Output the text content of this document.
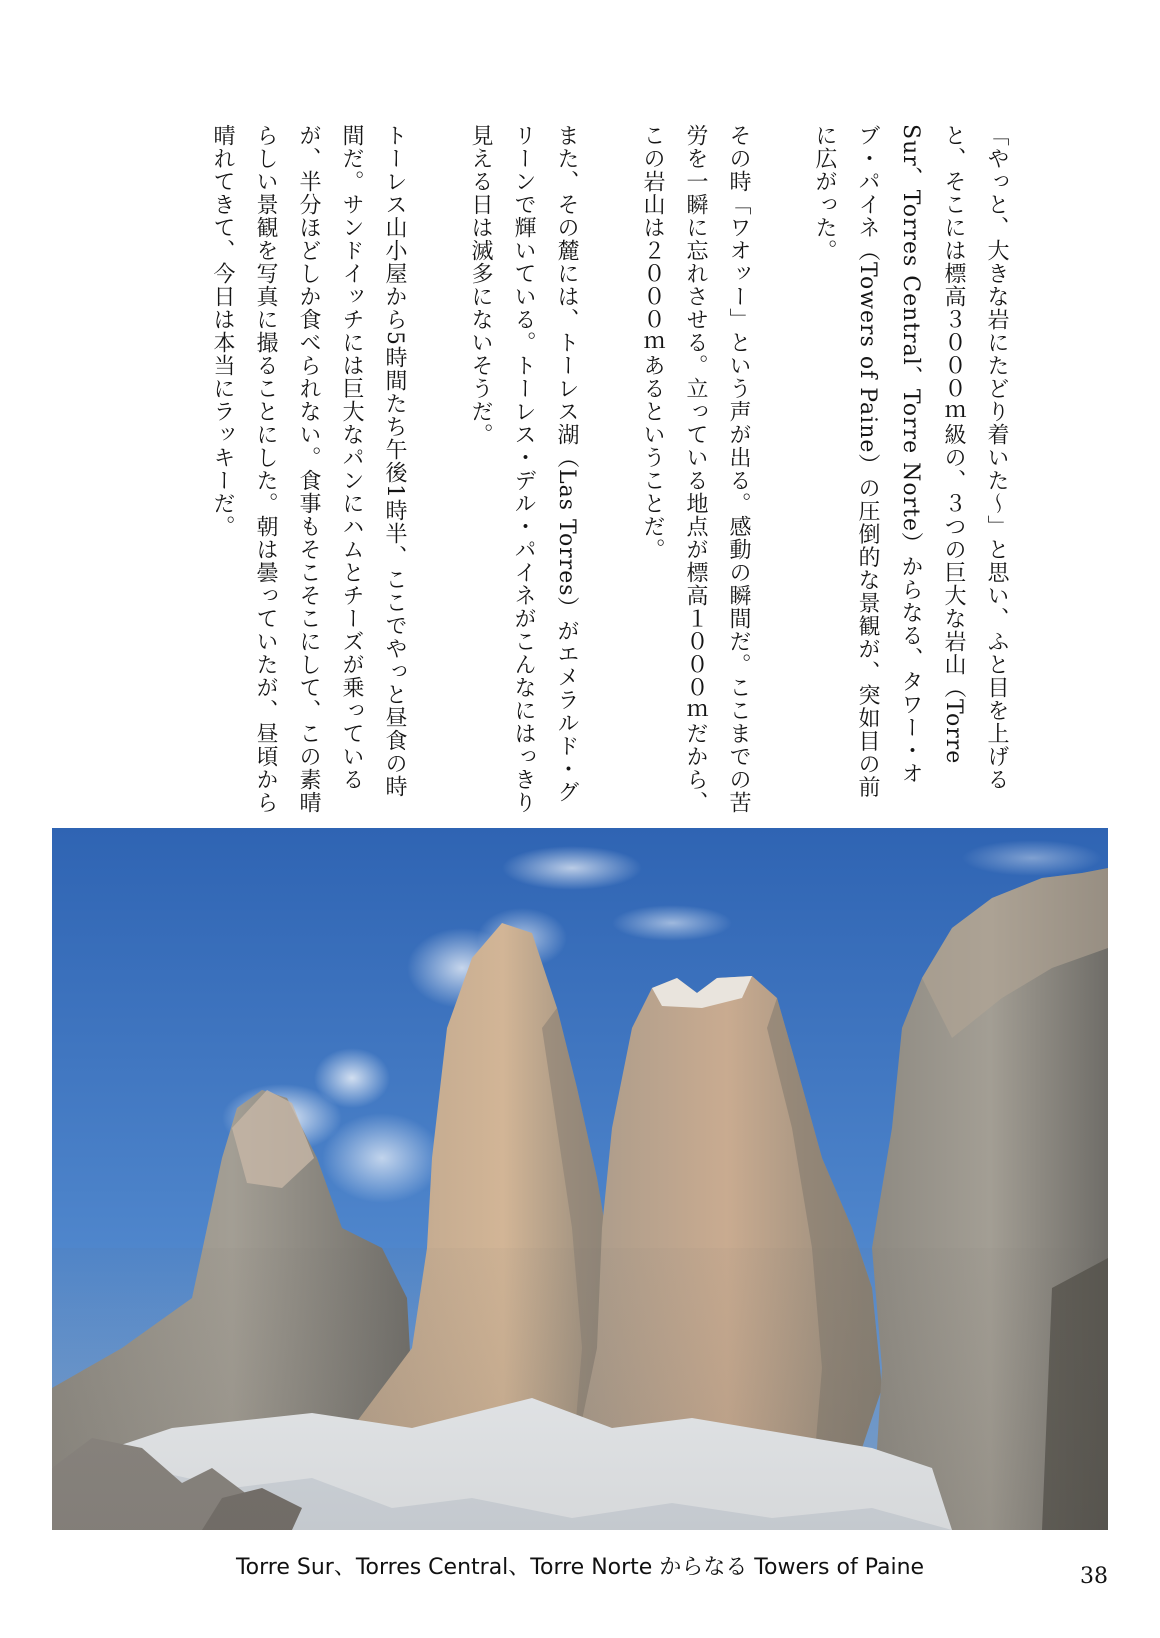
「やっと、大きな岩にたどり着いた～」と思い、ふと目を上げると、そこには標高３０００ｍ級の、３つの巨大な岩山（Torre Sur、Torres Central、Torre Norte）からなる、タワー・オブ・パイネ（Towers of Paine）の圧倒的な景観が、突如目の前に広がった。

その時「ワオッー」という声が出る。感動の瞬間だ。ここまでの苦労を一瞬に忘れさせる。立っている地点が標高１０００ｍだから、この岩山は２０００ｍあるということだ。

また、その麓には、トーレス湖（Las Torres）がエメラルド・グリーンで輝いている。トーレス・デル・パイネがこんなにはっきり見える日は滅多にないそうだ。

トーレス山小屋から5時間たち午後1時半、ここでやっと昼食の時間だ。サンドイッチには巨大なパンにハムとチーズが乗っているが、半分ほどしか食べられない。食事もそこそこにして、この素晴らしい景観を写真に撮ることにした。朝は曇っていたが、昼頃から晴れてきて、今日は本当にラッキーだ。

Torre Sur、Torres Central、Torre Norte からなる Towers of Paine	38
